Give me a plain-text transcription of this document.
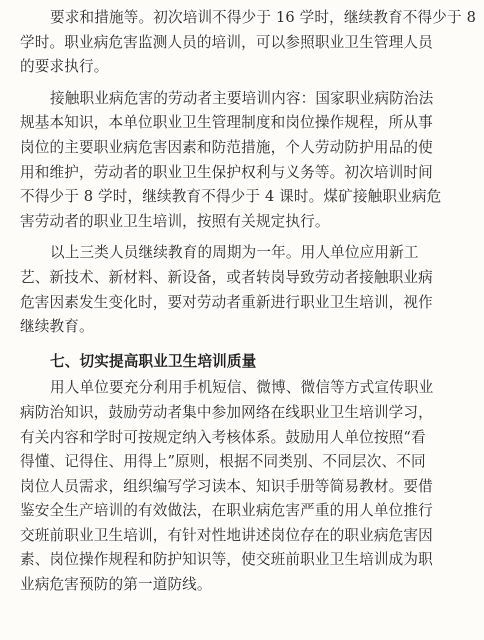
要求和措施等。初次培训不得少于 16 学时，继续教育不得少于 8
学时。职业病危害监测人员的培训，可以参照职业卫生管理人员
的要求执行。
接触职业病危害的劳动者主要培训内容：国家职业病防治法
规基本知识，本单位职业卫生管理制度和岗位操作规程，所从事
岗位的主要职业病危害因素和防范措施，个人劳动防护用品的使
用和维护，劳动者的职业卫生保护权利与义务等。初次培训时间
不得少于 8 学时，继续教育不得少于 4 课时。煤矿接触职业病危
害劳动者的职业卫生培训，按照有关规定执行。
以上三类人员继续教育的周期为一年。用人单位应用新工
艺、新技术、新材料、新设备，或者转岗导致劳动者接触职业病
危害因素发生变化时，要对劳动者重新进行职业卫生培训，视作
继续教育。
七、切实提高职业卫生培训质量
用人单位要充分利用手机短信、微博、微信等方式宣传职业
病防治知识，鼓励劳动者集中参加网络在线职业卫生培训学习，
有关内容和学时可按规定纳入考核体系。鼓励用人单位按照“看
得懂、记得住、用得上”原则，根据不同类别、不同层次、不同
岗位人员需求，组织编写学习读本、知识手册等简易教材。要借
鉴安全生产培训的有效做法，在职业病危害严重的用人单位推行
交班前职业卫生培训，有针对性地讲述岗位存在的职业病危害因
素、岗位操作规程和防护知识等，使交班前职业卫生培训成为职
业病危害预防的第一道防线。
